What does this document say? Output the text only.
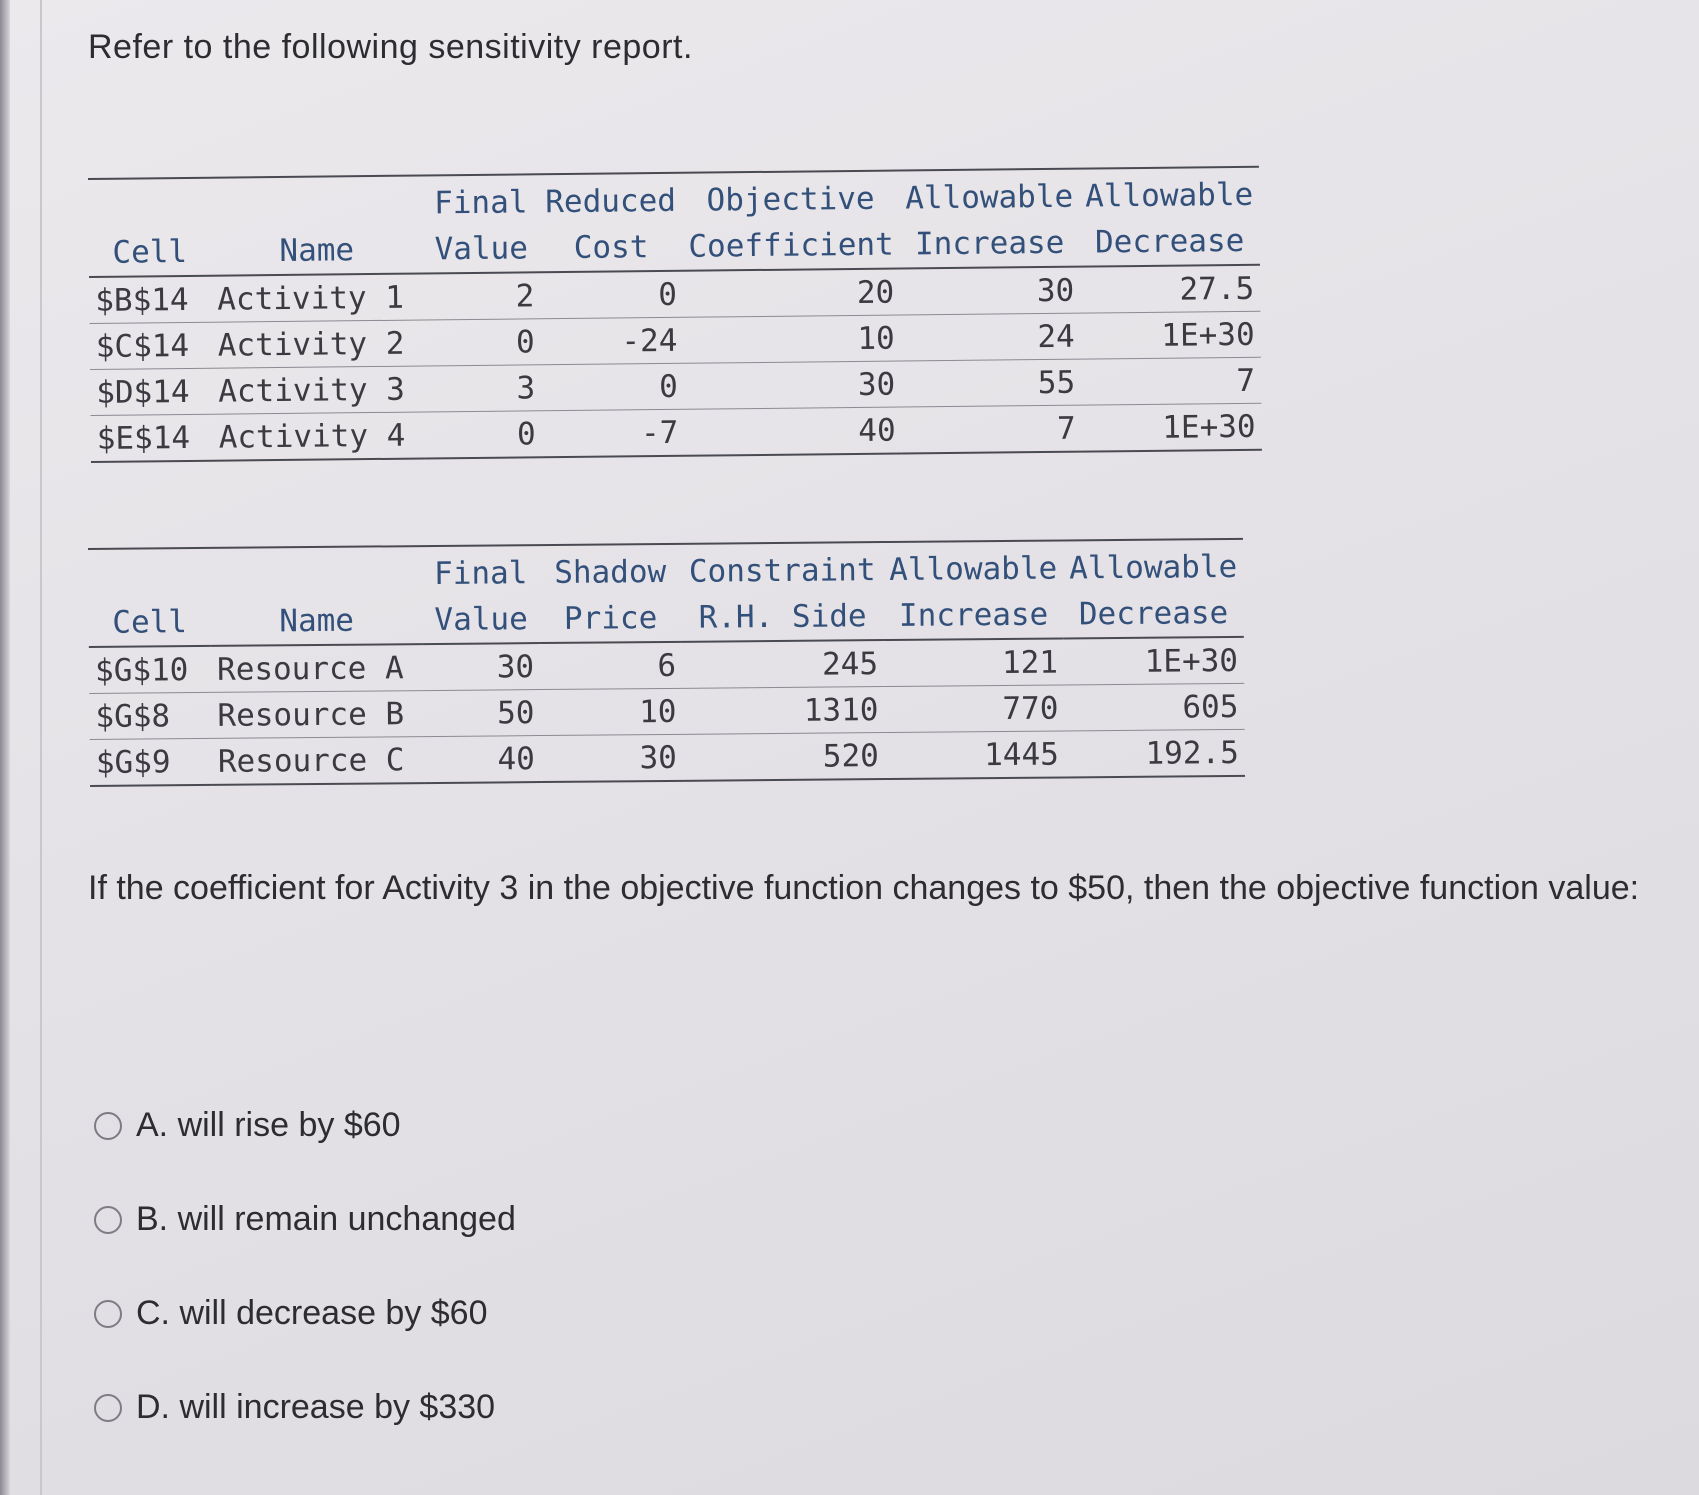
Refer to the following sensitivity report.
		Final	Reduced	Objective	Allowable	Allowable
Cell	Name	Value	Cost	Coefficient	Increase	Decrease
$B$14	Activity 1	2	0	20	30	27.5
$C$14	Activity 2	0	-24	10	24	1E+30
$D$14	Activity 3	3	0	30	55	7
$E$14	Activity 4	0	-7	40	7	1E+30
		Final	Shadow	Constraint	Allowable	Allowable
Cell	Name	Value	Price	R.H. Side	Increase	Decrease
$G$10	Resource A	30	6	245	121	1E+30
$G$8	Resource B	50	10	1310	770	605
$G$9	Resource C	40	30	520	1445	192.5
If the coefficient for Activity 3 in the objective function changes to $50, then the objective function value:
A. will rise by $60
B. will remain unchanged
C. will decrease by $60
D. will increase by $330
